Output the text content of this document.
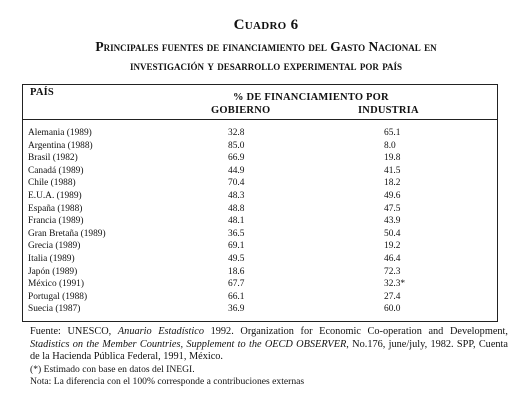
Cuadro 6
Principales fuentes de financiamiento del Gasto Nacional en
investigación y desarrollo experimental por país
PAÍS	% DE FINANCIAMIENTO POR
GOBIERNO	INDUSTRIA
Alemania (1989)	32.8	65.1
Argentina (1988)	85.0	8.0
Brasil (1982)	66.9	19.8
Canadá (1989)	44.9	41.5
Chile (1988)	70.4	18.2
E.U.A. (1989)	48.3	49.6
España (1988)	48.8	47.5
Francia (1989)	48.1	43.9
Gran Bretaña (1989)	36.5	50.4
Grecia (1989)	69.1	19.2
Italia (1989)	49.5	46.4
Japón (1989)	18.6	72.3
México (1991)	67.7	32.3*
Portugal (1988)	66.1	27.4
Suecia (1987)	36.9	60.0
Fuente: UNESCO, Anuario Estadístico 1992. Organization for Economic Co-operation and Development, Stadistics on the Member Countries, Supplement to the OECD OBSERVER, No.176, june/july, 1982. SPP, Cuenta de la Hacienda Pública Federal, 1991, México.
(*) Estimado con base en datos del INEGI.
Nota: La diferencia con el 100% corresponde a contribuciones externas
